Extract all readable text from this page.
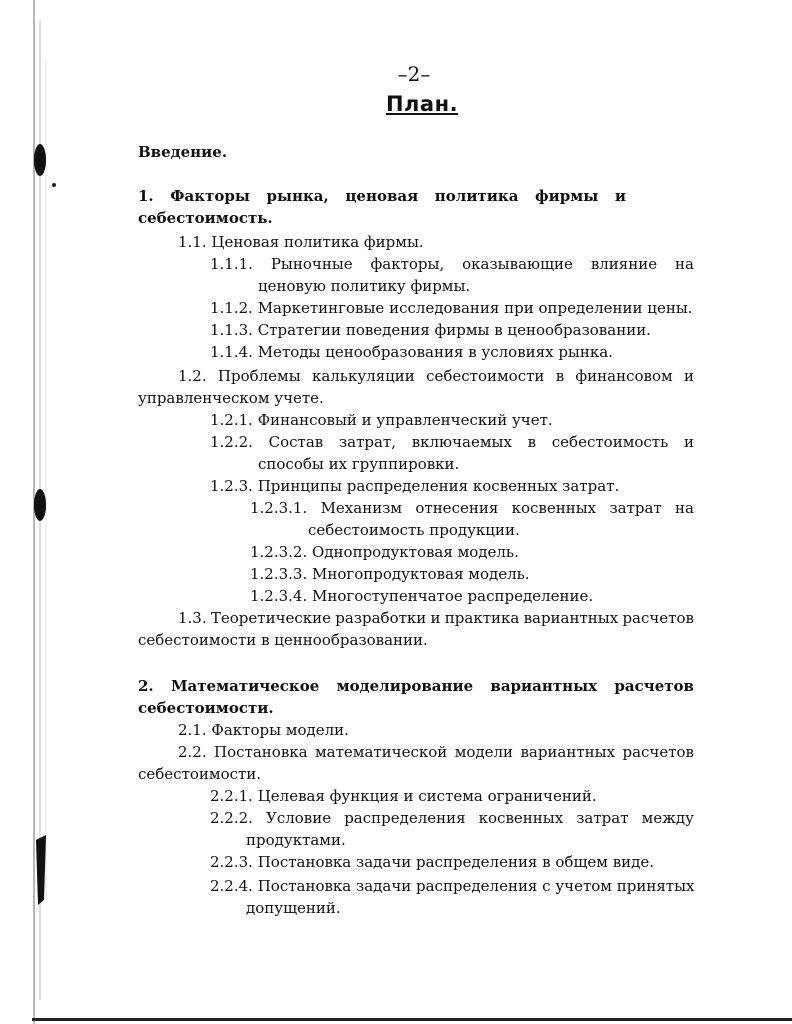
–2–
План.
Введение.
1. Факторы рынка, ценовая политика фирмы и
себестоимость.
1.1. Ценовая политика фирмы.
1.1.1. Рыночные факторы, оказывающие влияние на
ценовую политику фирмы.
1.1.2. Маркетинговые исследования при определении цены.
1.1.3. Стратегии поведения фирмы в ценообразовании.
1.1.4. Методы ценообразования в условиях рынка.
1.2. Проблемы калькуляции себестоимости в финансовом и
управленческом учете.
1.2.1. Финансовый и управленческий учет.
1.2.2. Состав затрат, включаемых в себестоимость и
способы их группировки.
1.2.3. Принципы распределения косвенных затрат.
1.2.3.1. Механизм отнесения косвенных затрат на
себестоимость продукции.
1.2.3.2. Однопродуктовая модель.
1.2.3.3. Многопродуктовая модель.
1.2.3.4. Многоступенчатое распределение.
1.3. Теоретические разработки и практика вариантных расчетов
себестоимости в ценнообразовании.
2. Математическое моделирование вариантных расчетов
себестоимости.
2.1. Факторы модели.
2.2. Постановка математической модели вариантных расчетов
себестоимости.
2.2.1. Целевая функция и система ограничений.
2.2.2. Условие распределения косвенных затрат между
продуктами.
2.2.3. Постановка задачи распределения в общем виде.
2.2.4. Постановка задачи распределения с учетом принятых
допущений.
